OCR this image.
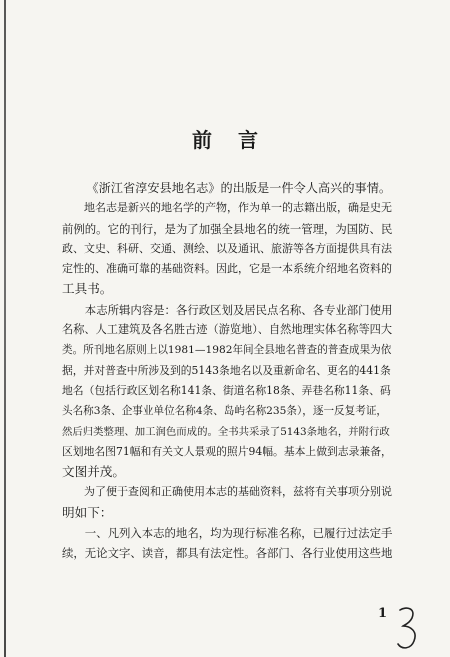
前言
《浙江省淳安县地名志》的出版是一件令人高兴的事情。
地名志是新兴的地名学的产物，作为单一的志籍出版，确是史无
前例的。它的刊行，是为了加强全县地名的统一管理，为国防、民
政、文史、科研、交通、测绘、以及通讯、旅游等各方面提供具有法
定性的、准确可靠的基础资料。因此，它是一本系统介绍地名资料的
工具书。
本志所辑内容是：各行政区划及居民点名称、各专业部门使用
名称、人工建筑及各名胜古迹（游览地）、自然地理实体名称等四大
类。所刊地名原则上以1981—1982年间全县地名普查的普查成果为依
据，并对普查中所涉及到的5143条地名以及重新命名、更名的441条
地名（包括行政区划名称141条、街道名称18条、弄巷名称11条、码
头名称3条、企事业单位名称4条、岛屿名称235条），逐一反复考证，
然后归类整理、加工润色而成的。全书共采录了5143条地名，并附行政
区划地名图71幅和有关文人景观的照片94幅。基本上做到志录兼备，
文图并茂。
为了便于查阅和正确使用本志的基础资料，兹将有关事项分别说
明如下：
一、凡列入本志的地名，均为现行标准名称，已履行过法定手
续，无论文字、读音，都具有法定性。各部门、各行业使用这些地
1
